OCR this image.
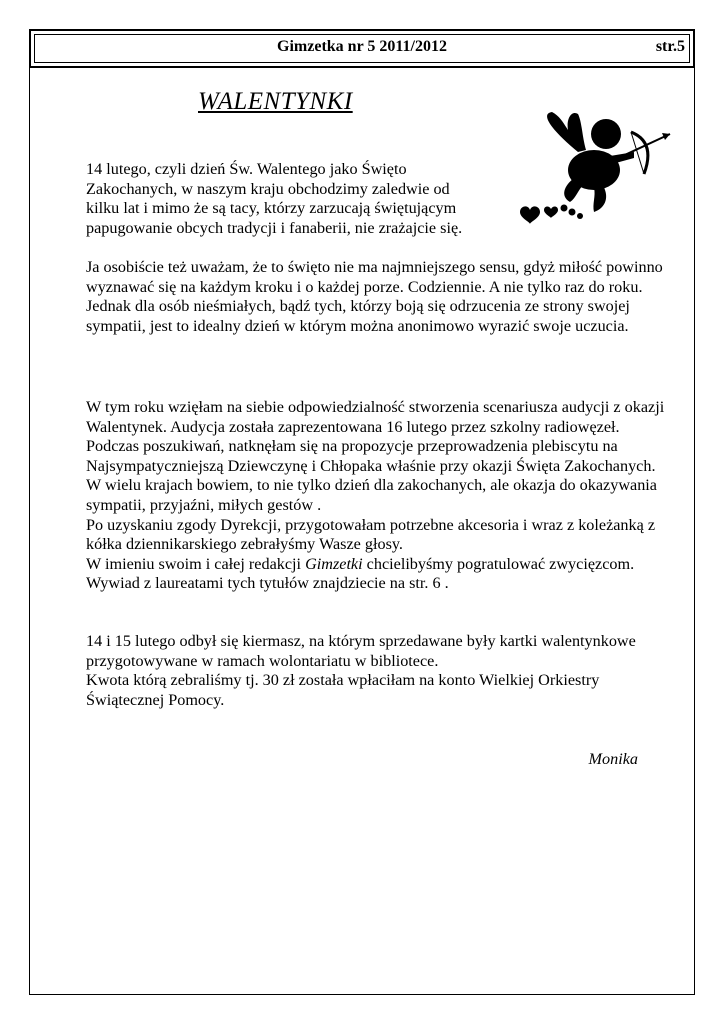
Gimzetka nr 5 2011/2012	str.5
WALENTYNKI

14 lutego, czyli dzień Św. Walentego jako Święto Zakochanych, w naszym kraju obchodzimy zaledwie od kilku lat i mimo że są tacy, którzy zarzucają świętującym papugowanie obcych tradycji i fanaberii, nie zrażajcie się.

Ja osobiście też uważam, że to święto nie ma najmniejszego sensu, gdyż miłość powinno wyznawać się na każdym kroku i o każdej porze. Codziennie. A nie tylko raz do roku.

Jednak dla osób nieśmiałych, bądź tych, którzy boją się odrzucenia ze strony swojej sympatii, jest to idealny dzień w którym można anonimowo wyrazić swoje uczucia.

W tym roku wzięłam na siebie odpowiedzialność stworzenia scenariusza audycji z okazji Walentynek. Audycja została zaprezentowana 16 lutego przez szkolny radiowęzeł.

Podczas poszukiwań, natknęłam się na propozycje przeprowadzenia plebiscytu na Najsympatyczniejszą Dziewczynę i Chłopaka właśnie przy okazji Święta Zakochanych. W wielu krajach bowiem, to nie tylko dzień dla zakochanych, ale okazja do okazywania sympatii, przyjaźni, miłych gestów .

Po uzyskaniu zgody Dyrekcji, przygotowałam potrzebne akcesoria i wraz z koleżanką z kółka dziennikarskiego zebrałyśmy Wasze głosy.

W imieniu swoim i całej redakcji Gimzetki chcielibyśmy pogratulować zwycięzcom. Wywiad z laureatami tych tytułów znajdziecie na str. 6 .

14 i 15 lutego odbył się kiermasz, na którym sprzedawane były kartki walentynkowe przygotowywane w ramach wolontariatu w bibliotece.

Kwota którą zebraliśmy tj. 30 zł została wpłaciłam na konto Wielkiej Orkiestry Świątecznej Pomocy.

Monika
